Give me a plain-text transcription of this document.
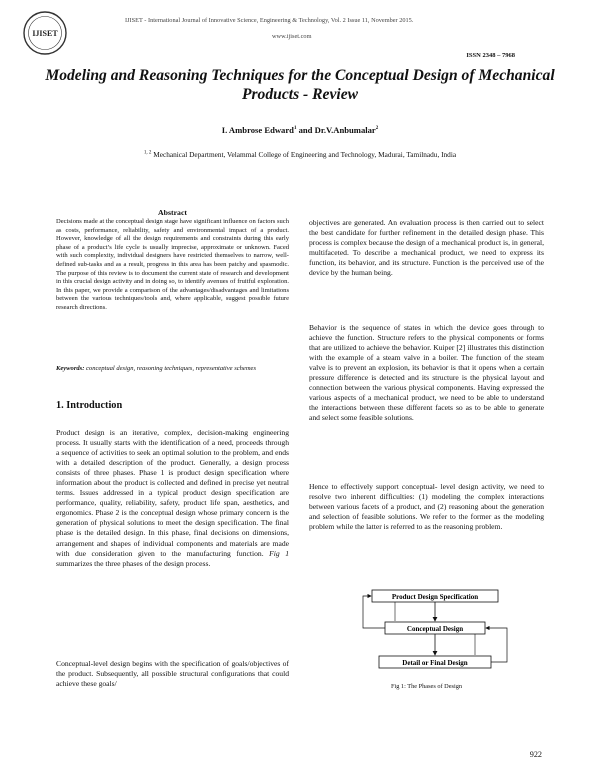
IJISET
IJISET - International Journal of Innovative Science, Engineering & Technology, Vol. 2 Issue 11, November 2015.
www.ijiset.com
ISSN 2348 – 7968
Modeling and Reasoning Techniques for the Conceptual Design of Mechanical Products - Review
I. Ambrose Edward$^1$ and Dr.V.Anbumalar$^2$
$^{1, 2}$ Mechanical Department, Velammal College of Engineering and Technology, Madurai, Tamilnadu, India
Abstract
Decisions made at the conceptual design stage have significant influence on factors such as costs, performance, reliability, safety and environmental impact of a product. However, knowledge of all the design requirements and constraints during this early phase of a product’s life cycle is usually imprecise, approximate or unknown. Faced with such complexity, individual designers have restricted themselves to narrow, well-defined sub-tasks and as a result, progress in this area has been patchy and spasmodic. The purpose of this review is to document the current state of research and development in this crucial design activity and in doing so, to identify avenues of fruitful exploration. In this paper, we provide a comparison of the advantages/disadvantages and limitations between the various techniques/tools and, where applicable, suggest possible future research directions.
Keywords: conceptual design, reasoning techniques, representative schemes
1. Introduction
Product design is an iterative, complex, decision-making engineering process. It usually starts with the identification of a need, proceeds through a sequence of activities to seek an optimal solution to the problem, and ends with a detailed description of the product. Generally, a design process consists of three phases. Phase 1 is product design specification where information about the product is collected and defined in precise yet neutral terms. Issues addressed in a typical product design specification are performance, quality, reliability, safety, product life span, aesthetics, and ergonomics. Phase 2 is the conceptual design whose primary concern is the generation of physical solutions to meet the design specification. The final phase is the detailed design. In this phase, final decisions on dimensions, arrangement and shapes of individual components and materials are made with due consideration given to the manufacturing function. Fig 1 summarizes the three phases of the design process.
Conceptual-level design begins with the specification of goals/objectives of the product. Subsequently, all possible structural configurations that could achieve these goals/
objectives are generated. An evaluation process is then carried out to select the best candidate for further refinement in the detailed design phase. This process is complex because the design of a mechanical product is, in general, multifaceted. To describe a mechanical product, we need to express its function, its behavior, and its structure. Function is the perceived use of the device by the human being.
Behavior is the sequence of states in which the device goes through to achieve the function. Structure refers to the physical components or forms that are utilized to achieve the behavior. Kuiper [2] illustrates this distinction with the example of a steam valve in a boiler. The function of the steam valve is to prevent an explosion, its behavior is that it opens when a certain pressure difference is detected and its structure is the physical layout and connection between the various physical components. Having expressed the various aspects of a mechanical product, we need to be able to understand the interactions between these different facets so as to be able to generate and select some feasible solutions.
Hence to effectively support conceptual- level design activity, we need to resolve two inherent difficulties: (1) modeling the complex interactions between various facets of a product, and (2) reasoning about the generation and selection of feasible solutions. We refer to the former as the modeling problem while the latter is referred to as the reasoning problem.
Product Design Specification
Conceptual Design
Detail or Final Design
Fig 1: The Phases of Design
922
